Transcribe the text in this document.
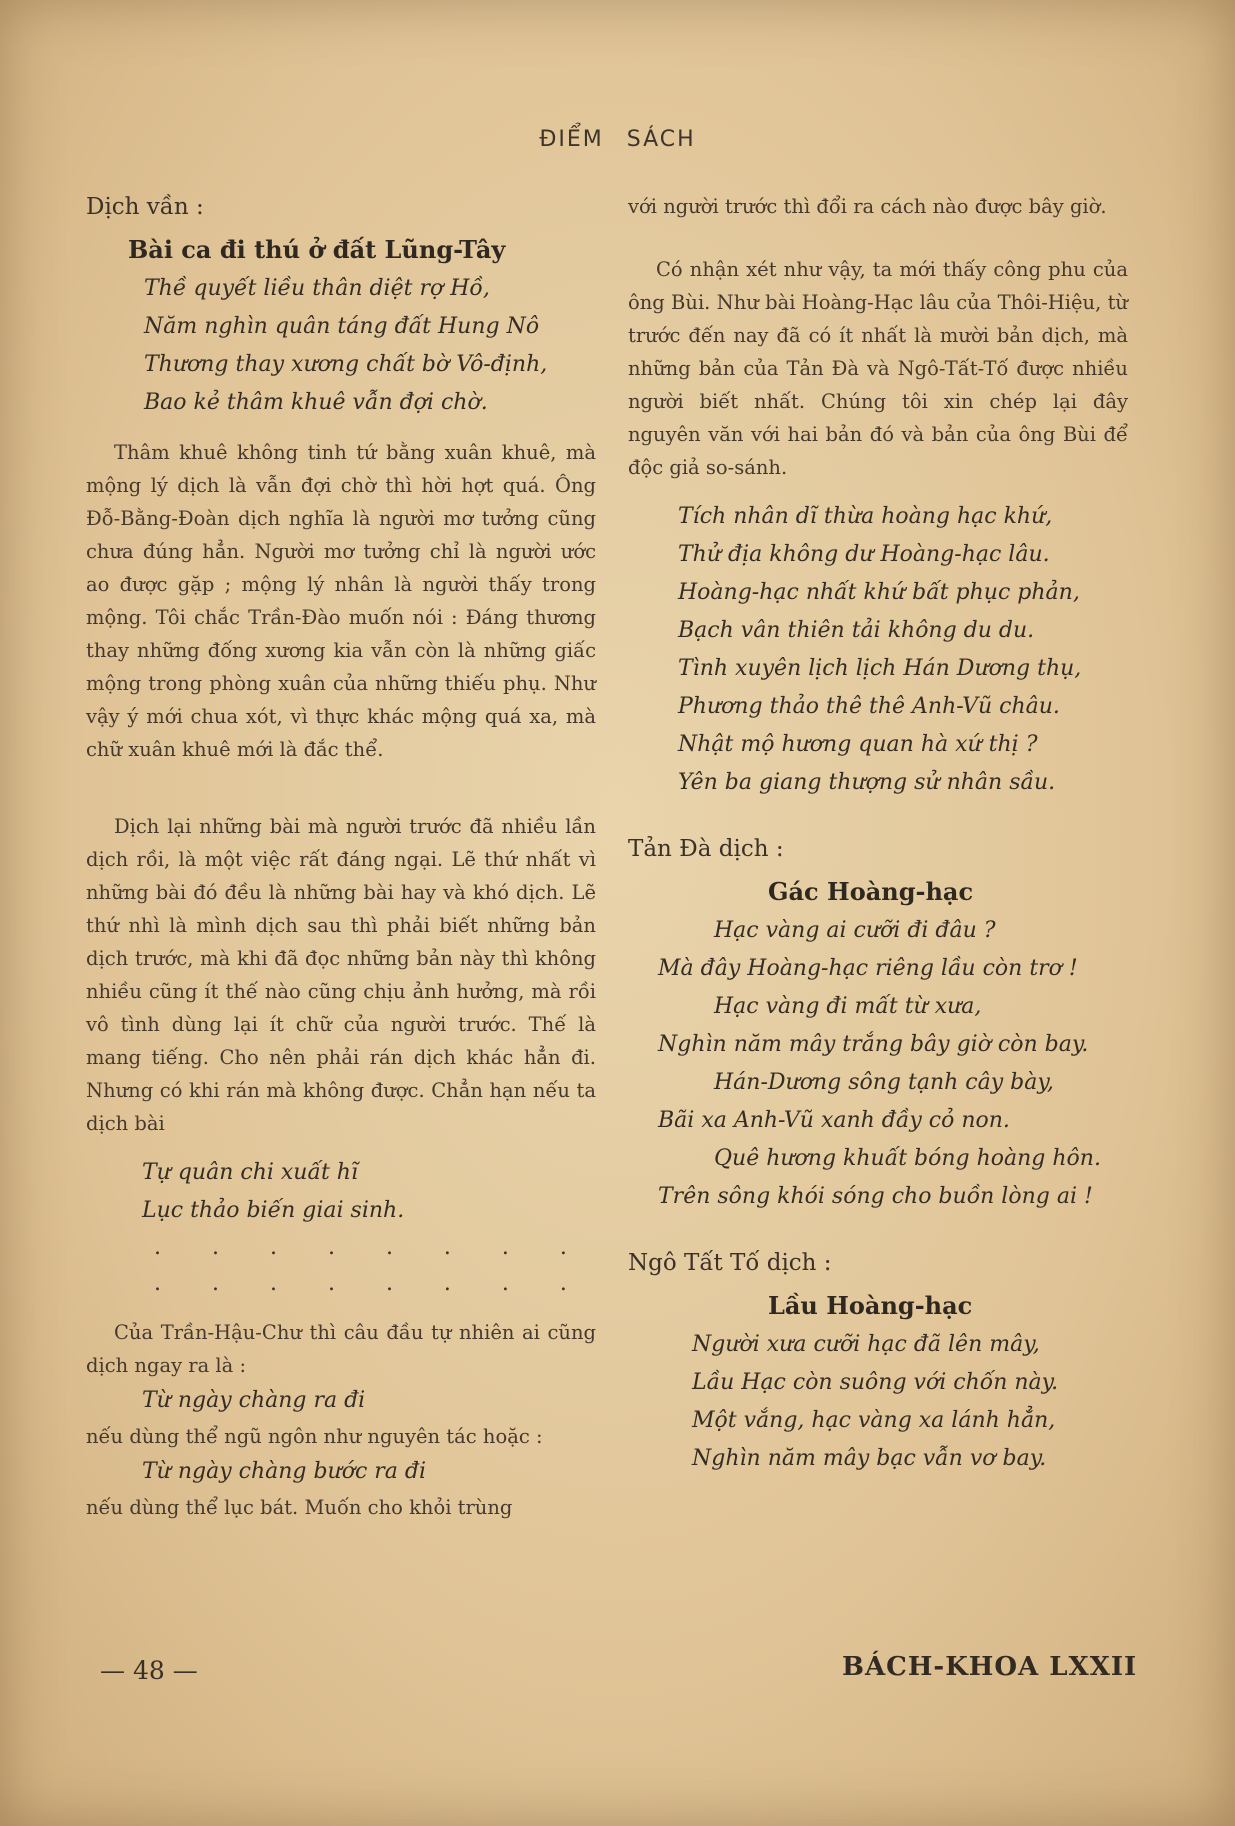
ĐIỂM SÁCH

Dịch vần :

Bài ca đi thú ở đất Lũng-Tây

Thề quyết liều thân diệt rợ Hồ,

Năm nghìn quân táng đất Hung Nô

Thương thay xương chất bờ Vô-định,

Bao kẻ thâm khuê vẫn đợi chờ.

Thâm khuê không tinh tứ bằng xuân khuê, mà mộng lý dịch là vẫn đợi chờ thì hời hợt quá. Ông Đỗ-Bằng-Đoàn dịch nghĩa là người mơ tưởng cũng chưa đúng hẳn. Người mơ tưởng chỉ là người ước ao được gặp ; mộng lý nhân là người thấy trong mộng. Tôi chắc Trần-Đào muốn nói : Đáng thương thay những đống xương kia vẫn còn là những giấc mộng trong phòng xuân của những thiếu phụ. Như vậy ý mới chua xót, vì thực khác mộng quá xa, mà chữ xuân khuê mới là đắc thể.

Dịch lại những bài mà người trước đã nhiều lần dịch rồi, là một việc rất đáng ngại. Lẽ thứ nhất vì những bài đó đều là những bài hay và khó dịch. Lẽ thứ nhì là mình dịch sau thì phải biết những bản dịch trước, mà khi đã đọc những bản này thì không nhiều cũng ít thế nào cũng chịu ảnh hưởng, mà rồi vô tình dùng lại ít chữ của người trước. Thế là mang tiếng. Cho nên phải rán dịch khác hẳn đi. Nhưng có khi rán mà không được. Chẳn hạn nếu ta dịch bài

Tự quân chi xuất hĩ

Lục thảo biến giai sinh.

. . . . . . . .

. . . . . . . .

Của Trần-Hậu-Chư thì câu đầu tự nhiên ai cũng dịch ngay ra là :

Từ ngày chàng ra đi

nếu dùng thể ngũ ngôn như nguyên tác hoặc :

Từ ngày chàng bước ra đi

nếu dùng thể lục bát. Muốn cho khỏi trùng

với người trước thì đổi ra cách nào được bây giờ.

Có nhận xét như vậy, ta mới thấy công phu của ông Bùi. Như bài Hoàng-Hạc lâu của Thôi-Hiệu, từ trước đến nay đã có ít nhất là mười bản dịch, mà những bản của Tản Đà và Ngô-Tất-Tố được nhiều người biết nhất. Chúng tôi xin chép lại đây nguyên văn với hai bản đó và bản của ông Bùi để độc giả so-sánh.

Tích nhân dĩ thừa hoàng hạc khứ,

Thử địa không dư Hoàng-hạc lâu.

Hoàng-hạc nhất khứ bất phục phản,

Bạch vân thiên tải không du du.

Tình xuyên lịch lịch Hán Dương thụ,

Phương thảo thê thê Anh-Vũ châu.

Nhật mộ hương quan hà xứ thị ?

Yên ba giang thượng sử nhân sầu.

Tản Đà dịch :

Gác Hoàng-hạc

Hạc vàng ai cưỡi đi đâu ?

Mà đây Hoàng-hạc riêng lầu còn trơ !

Hạc vàng đi mất từ xưa,

Nghìn năm mây trắng bây giờ còn bay.

Hán-Dương sông tạnh cây bày,

Bãi xa Anh-Vũ xanh đầy cỏ non.

Quê hương khuất bóng hoàng hôn.

Trên sông khói sóng cho buồn lòng ai !

Ngô Tất Tố dịch :

Lầu Hoàng-hạc

Người xưa cưỡi hạc đã lên mây,

Lầu Hạc còn suông với chốn này.

Một vắng, hạc vàng xa lánh hẳn,

Nghìn năm mây bạc vẫn vơ bay.

— 48 —	BÁCH-KHOA LXXII
